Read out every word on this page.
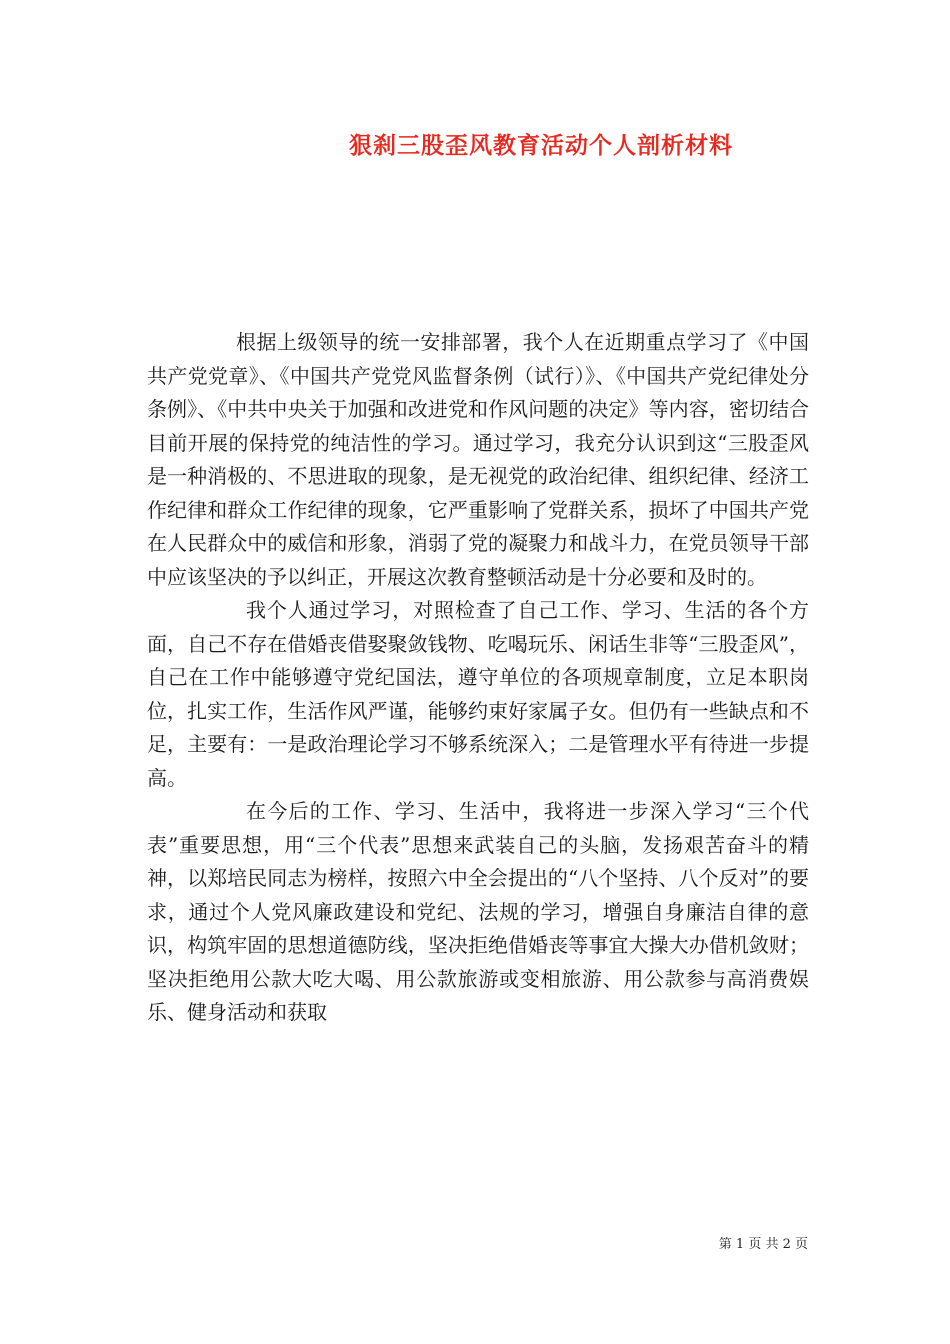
狠刹三股歪风教育活动个人剖析材料

根据上级领导的统一安排部署，我个人在近期重点学习了《中国共产党党章》、《中国共产党党风监督条例（试行）》、《中国共产党纪律处分条例》、《中共中央关于加强和改进党和作风问题的决定》等内容，密切结合目前开展的保持党的纯洁性的学习。通过学习，我充分认识到这“三股歪风是一种消极的、不思进取的现象，是无视党的政治纪律、组织纪律、经济工作纪律和群众工作纪律的现象，它严重影响了党群关系，损坏了中国共产党在人民群众中的威信和形象，消弱了党的凝聚力和战斗力，在党员领导干部中应该坚决的予以纠正，开展这次教育整顿活动是十分必要和及时的。

我个人通过学习，对照检查了自己工作、学习、生活的各个方面，自己不存在借婚丧借娶聚敛钱物、吃喝玩乐、闲话生非等“三股歪风”，自己在工作中能够遵守党纪国法，遵守单位的各项规章制度，立足本职岗位，扎实工作，生活作风严谨，能够约束好家属子女。但仍有一些缺点和不足，主要有：一是政治理论学习不够系统深入；二是管理水平有待进一步提高。

在今后的工作、学习、生活中，我将进一步深入学习“三个代表”重要思想，用“三个代表”思想来武装自己的头脑，发扬艰苦奋斗的精神，以郑培民同志为榜样，按照六中全会提出的“八个坚持、八个反对”的要求，通过个人党风廉政建设和党纪、法规的学习，增强自身廉洁自律的意识，构筑牢固的思想道德防线，坚决拒绝借婚丧等事宜大操大办借机敛财；坚决拒绝用公款大吃大喝、用公款旅游或变相旅游、用公款参与高消费娱乐、健身活动和获取

第 1 页 共 2 页
